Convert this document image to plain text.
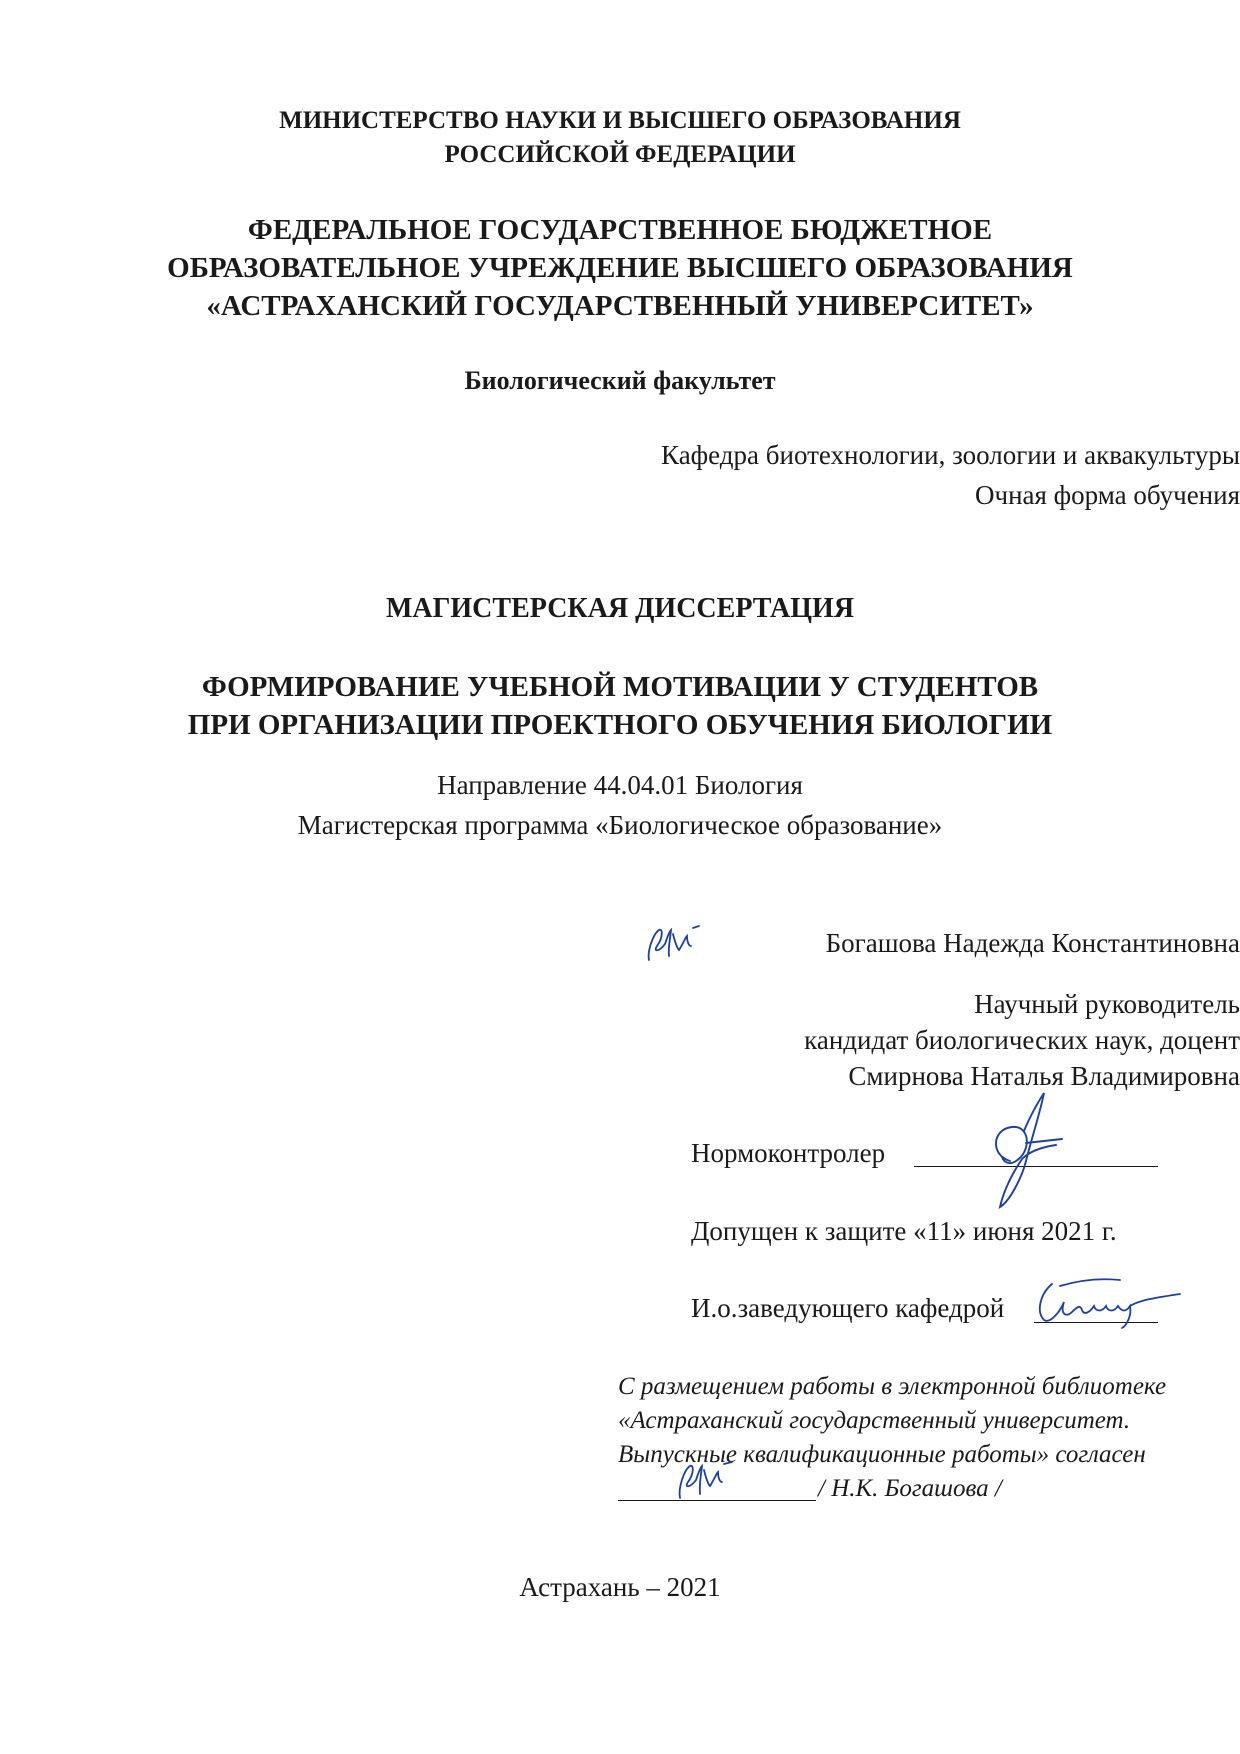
МИНИСТЕРСТВО НАУКИ И ВЫСШЕГО ОБРАЗОВАНИЯ
РОССИЙСКОЙ ФЕДЕРАЦИИ
ФЕДЕРАЛЬНОЕ ГОСУДАРСТВЕННОЕ БЮДЖЕТНОЕ
ОБРАЗОВАТЕЛЬНОЕ УЧРЕЖДЕНИЕ ВЫСШЕГО ОБРАЗОВАНИЯ
«АСТРАХАНСКИЙ ГОСУДАРСТВЕННЫЙ УНИВЕРСИТЕТ»
Биологический факультет
Кафедра биотехнологии, зоологии и аквакультуры
Очная форма обучения
МАГИСТЕРСКАЯ ДИССЕРТАЦИЯ
ФОРМИРОВАНИЕ УЧЕБНОЙ МОТИВАЦИИ У СТУДЕНТОВ
ПРИ ОРГАНИЗАЦИИ ПРОЕКТНОГО ОБУЧЕНИЯ БИОЛОГИИ
Направление 44.04.01 Биология
Магистерская программа «Биологическое образование»
Богашова Надежда Константиновна
Научный руководитель
кандидат биологических наук, доцент
Смирнова Наталья Владимировна
Нормоконтролер
Допущен к защите «11» июня 2021 г.
И.о.заведующего кафедрой
С размещением работы в электронной библиотеке
«Астраханский государственный университет.
Выпускные квалификационные работы» согласен
/ Н.К. Богашова /
Астрахань – 2021
